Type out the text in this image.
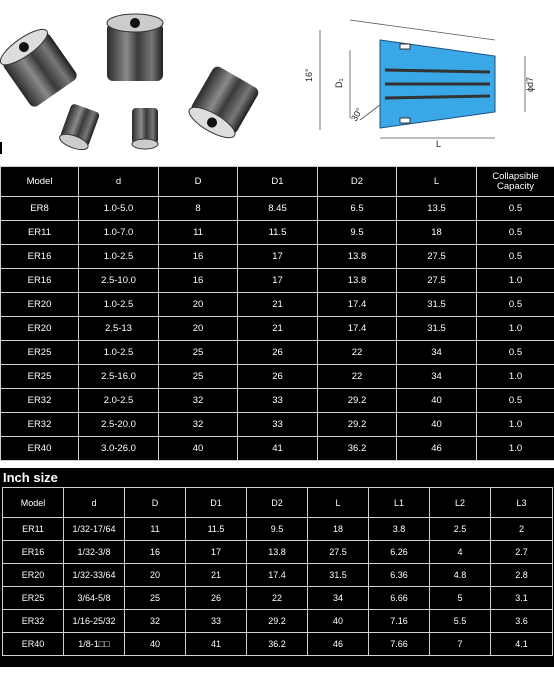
16°
D₁
30°
ϕd7
L
Model	d	D	D1	D2	L	Collapsible Capacity
ER8	1.0-5.0	8	8.45	6.5	13.5	0.5
ER11	1.0-7.0	11	11.5	9.5	18	0.5
ER16	1.0-2.5	16	17	13.8	27.5	0.5
ER16	2.5-10.0	16	17	13.8	27.5	1.0
ER20	1.0-2.5	20	21	17.4	31.5	0.5
ER20	2.5-13	20	21	17.4	31.5	1.0
ER25	1.0-2.5	25	26	22	34	0.5
ER25	2.5-16.0	25	26	22	34	1.0
ER32	2.0-2.5	32	33	29.2	40	0.5
ER32	2.5-20.0	32	33	29.2	40	1.0
ER40	3.0-26.0	40	41	36.2	46	1.0
Inch size
Model	d	D	D1	D2	L	L1	L2	L3
ER11	1/32-17/64	11	11.5	9.5	18	3.8	2.5	2
ER16	1/32-3/8	16	17	13.8	27.5	6.26	4	2.7
ER20	1/32-33/64	20	21	17.4	31.5	6.36	4.8	2.8
ER25	3/64-5/8	25	26	22	34	6.66	5	3.1
ER32	1/16-25/32	32	33	29.2	40	7.16	5.5	3.6
ER40	1/8-1□□	40	41	36.2	46	7.66	7	4.1
